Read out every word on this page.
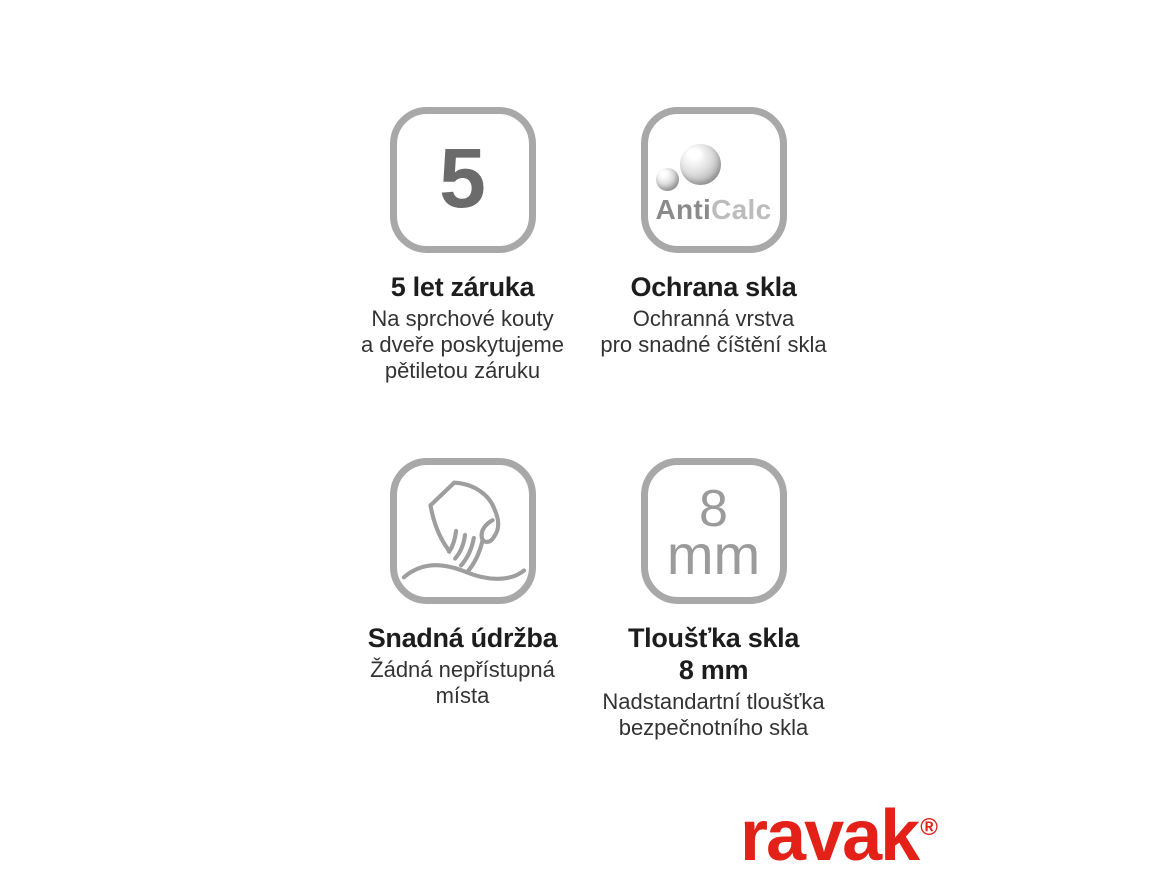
5
5 let záruka

Na sprchové kouty

a dveře poskytujeme

pětiletou záruku

AntiCalc
Ochrana skla

Ochranná vrstva

pro snadné číštění skla

Snadná údržba

Žádná nepřístupná

místa

8
mm
Tloušťka skla

8 mm

Nadstandartní tloušťka

bezpečnotního skla

ravak®
